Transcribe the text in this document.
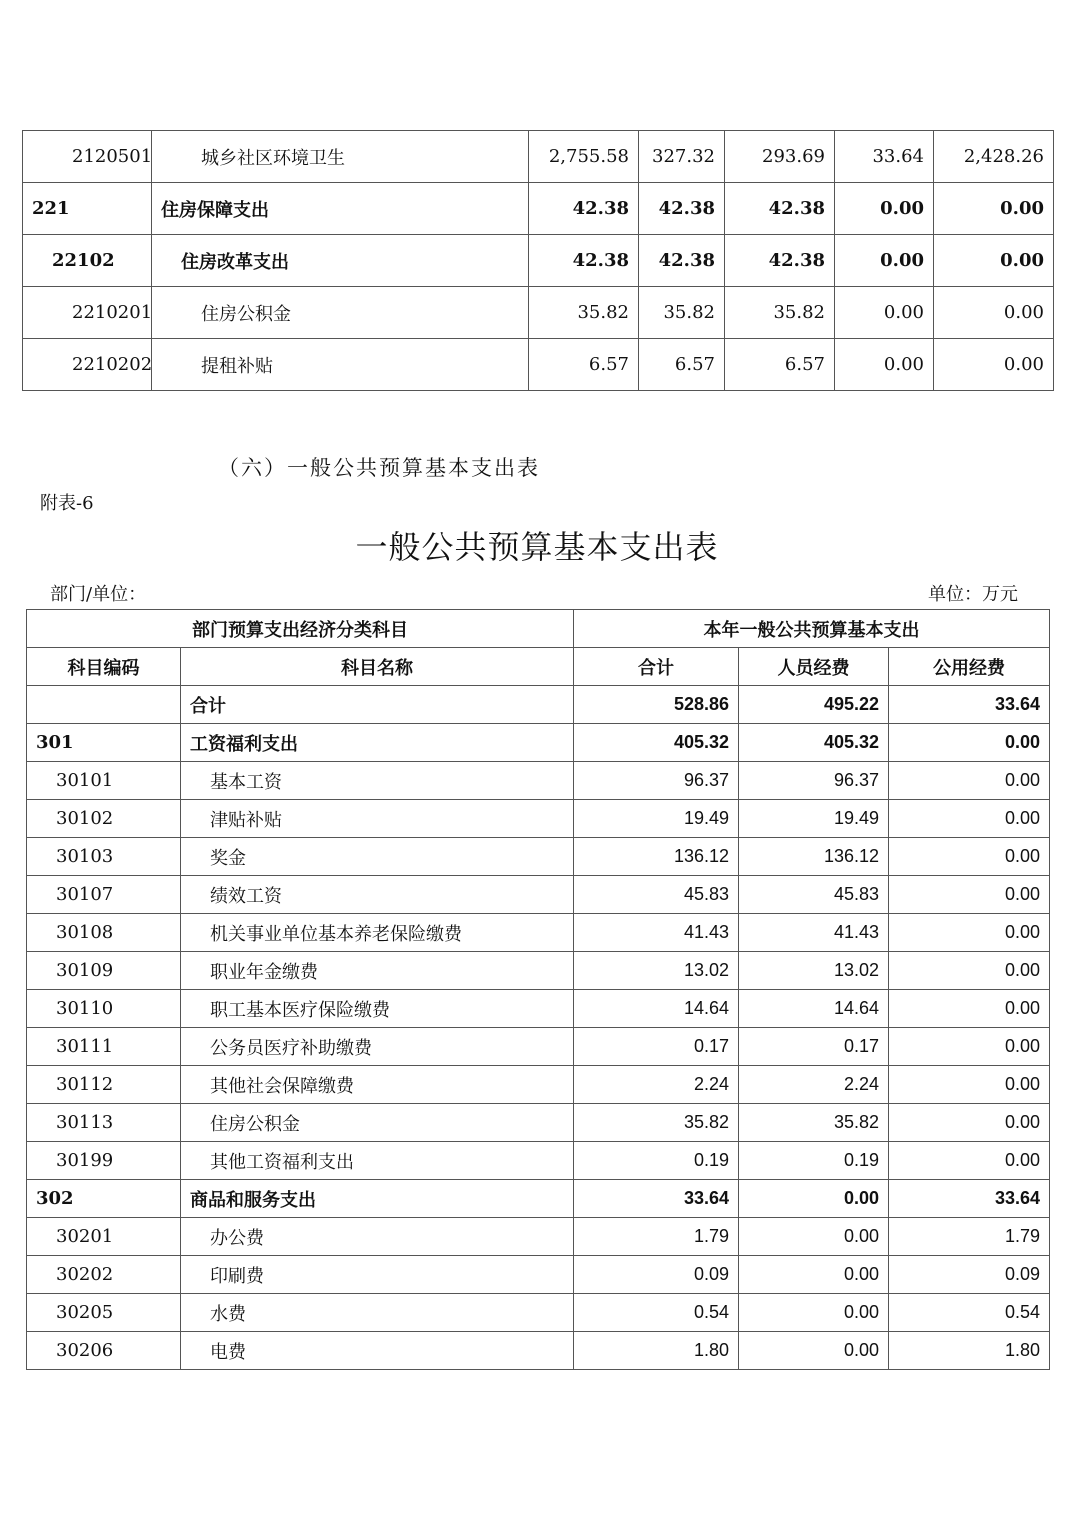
2120501	城乡社区环境卫生	2,755.58	327.32	293.69	33.64	2,428.26
221	住房保障支出	42.38	42.38	42.38	0.00	0.00
22102	住房改革支出	42.38	42.38	42.38	0.00	0.00
2210201	住房公积金	35.82	35.82	35.82	0.00	0.00
2210202	提租补贴	6.57	6.57	6.57	0.00	0.00
（六）一般公共预算基本支出表
附表-6
一般公共预算基本支出表
部门/单位：	单位：万元
部门预算支出经济分类科目		本年一般公共预算基本支出		
科目编码	科目名称	合计	人员经费	公用经费
	合计	528.86	495.22	33.64
301	工资福利支出	405.32	405.32	0.00
30101	基本工资	96.37	96.37	0.00
30102	津贴补贴	19.49	19.49	0.00
30103	奖金	136.12	136.12	0.00
30107	绩效工资	45.83	45.83	0.00
30108	机关事业单位基本养老保险缴费	41.43	41.43	0.00
30109	职业年金缴费	13.02	13.02	0.00
30110	职工基本医疗保险缴费	14.64	14.64	0.00
30111	公务员医疗补助缴费	0.17	0.17	0.00
30112	其他社会保障缴费	2.24	2.24	0.00
30113	住房公积金	35.82	35.82	0.00
30199	其他工资福利支出	0.19	0.19	0.00
302	商品和服务支出	33.64	0.00	33.64
30201	办公费	1.79	0.00	1.79
30202	印刷费	0.09	0.00	0.09
30205	水费	0.54	0.00	0.54
30206	电费	1.80	0.00	1.80
